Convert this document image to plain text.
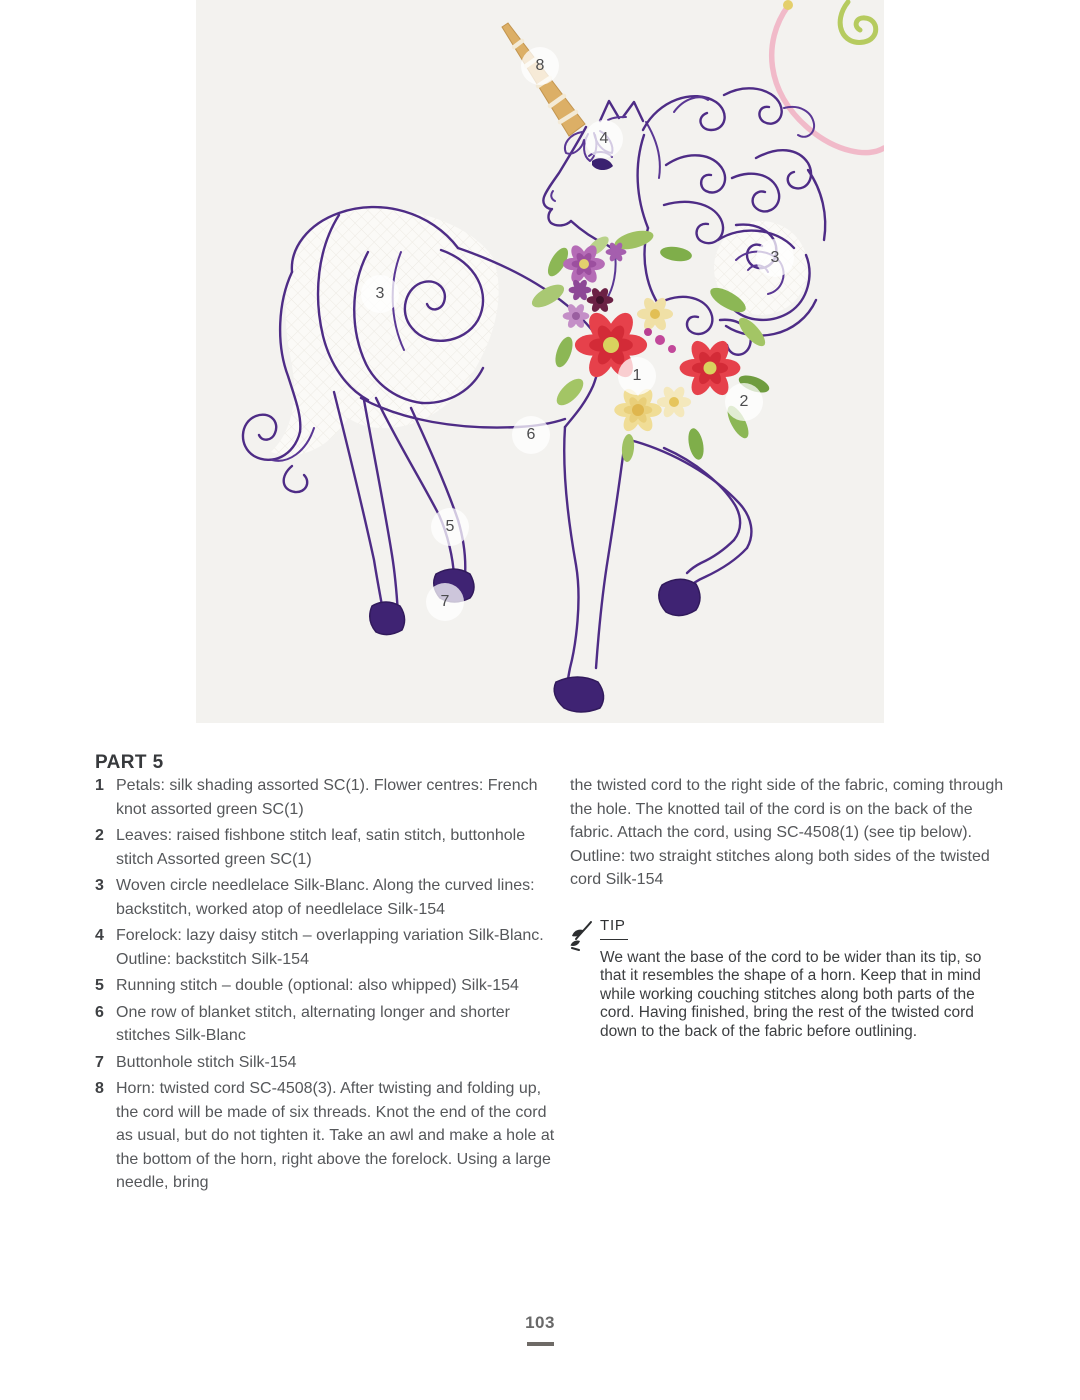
8
4
3
3
1
2
6
5
7
PART 5
1 Petals: silk shading assorted SC(1). Flower centres: French knot assorted green SC(1)
2 Leaves: raised fishbone stitch leaf, satin stitch, buttonhole stitch Assorted green SC(1)
3 Woven circle needlelace Silk-Blanc. Along the curved lines: backstitch, worked atop of needlelace Silk-154
4 Forelock: lazy daisy stitch – overlapping variation Silk-Blanc. Outline: backstitch Silk-154
5 Running stitch – double (optional: also whipped) Silk-154
6 One row of blanket stitch, alternating longer and shorter stitches Silk-Blanc
7 Buttonhole stitch Silk-154
8 Horn: twisted cord SC-4508(3). After twisting and folding up, the cord will be made of six threads. Knot the end of the cord as usual, but do not tighten it. Take an awl and make a hole at the bottom of the horn, right above the forelock. Using a large needle, bring

the twisted cord to the right side of the fabric, coming through the hole. The knotted tail of the cord is on the back of the fabric. Attach the cord, using SC-4508(1) (see tip below). Outline: two straight stitches along both sides of the twisted cord Silk-154

TIP

We want the base of the cord to be wider than its tip, so that it resembles the shape of a horn. Keep that in mind while working couching stitches along both parts of the cord. Having finished, bring the rest of the twisted cord down to the back of the fabric before outlining.

103
